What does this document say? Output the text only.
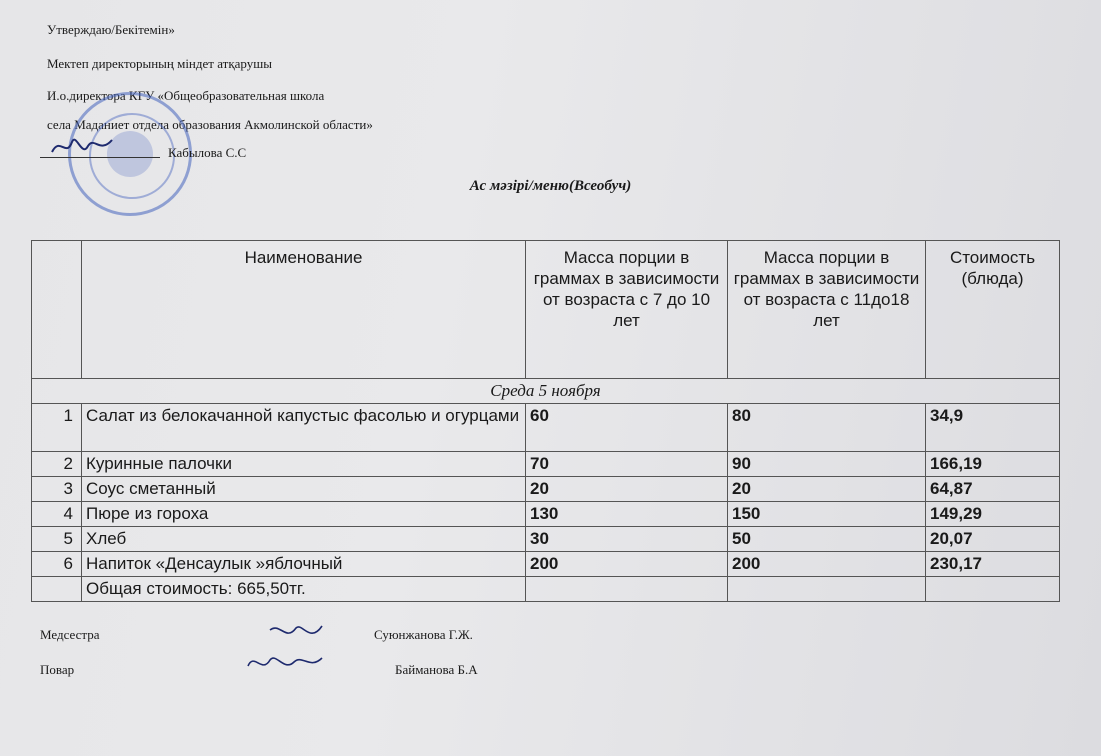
Утверждаю/Бекітемін»
Мектеп директорының міндет атқарушы
И.о.директора КГУ «Общеобразовательная школа
села Маданиет отдела образования Акмолинской области»
Кабылова С.С
Ас мәзірі/меню(Всеобуч)
	Наименование	Масса порции в граммах в зависимости от возраста с 7 до 10 лет	Масса порции в граммах в зависимости от возраста с 11до18 лет	Стоимость (блюда)
Среда 5 ноября				
1	Салат из белокачанной капустыс фасолью и огурцами	60	80	34,9
2	Куринные палочки	70	90	166,19
3	Соус сметанный	20	20	64,87
4	Пюре из гороха	130	150	149,29
5	Хлеб	30	50	20,07
6	Напиток «Денсаулык »яблочный	200	200	230,17
	Общая стоимость: 665,50тг.			
Медсестра	Суюнжанова Г.Ж.
Повар	Байманова Б.А
